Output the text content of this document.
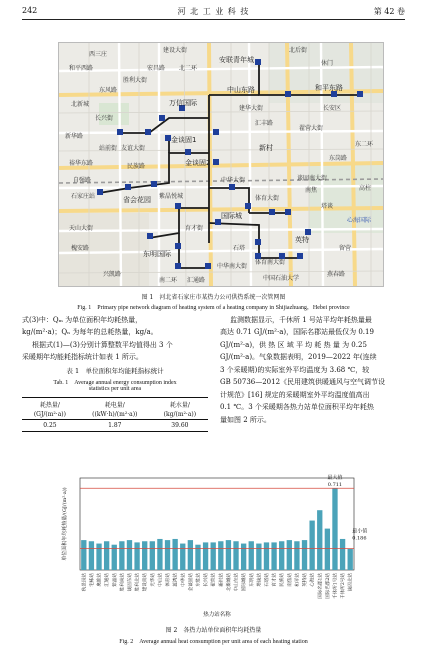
242	河 北 工 业 科 技	第 42 卷
安联青年城
中山东路	和平东路
万信国际
胜利大街
裕华东路
金谈固1
金谈固2
新村
建设大街
翟营大街
休门
谈固南大街
中华大街
国际城
体育大街
槐安路
塔谈
中华南大街
中国石油大学
长兴街
东二环
留营
紫晶悦城
育才街
省会花园
石家庄站
北新城
兴凯路
汇通路
东明国际
新华路
民族路
和平西路
天山大街
自强路
宏昌路
燕春路
英特
石塔
西三庄
东岗路
汇丰路
北后街
南焦
体育南大街
心海国际
南二环
站前街
建华大街
东风路
友谊大街
高柱
北二环
长安区
图 1　河北省石家庄市某热力公司供热系统一次管网图
Fig. 1　Primary pipe network diagram of heating system of a heating company in Shijiazhuang，Hebei province
式(3)中：Qₘ 为单位面积年均耗热量，
kg/(m²·a)；Qₙ 为每年的总耗热量，kg/a。
根据式(1)—(3)分别计算整数平均值得出 3 个
采暖期年均能耗指标统计如表 1 所示。
表 1　单位面积年均能耗指标统计
Tab. 1　Average annual energy consumption index
statistics per unit area
耗热量/	耗电量/	耗水量/
(GJ/(m²·a))	((kW·h)/(m²·a))	(kg/(m²·a))
0.25	1.87	39.60
监测数据显示，千休所 1 号站平均年耗热量最
高达 0.71 GJ/(m²·a)，国际名郡站最低仅为 0.19
GJ/(m²·a)，供 热 区 域 平 均 耗 热 量 为 0.25
GJ/(m²·a)。气象数据表明，2019—2022 年(连续
3 个采暖期)的实际室外平均温度为 3.68 ℃，较
GB 50736—2012《民用建筑供暖通风与空气调节设
计规范》[16] 规定的采暖期室外平均温度值高出
0.1 ℃。3 个采暖期各热力站单位面积平均年耗热
量如图 2 所示。
秋景园站 宅栋站 奥维站 汇通站 紫晶站 胜利南站 谈固东站 胜利北站 建设南站 光华站 中山站 体育站 蓝湾站 中华站 金谈固站 东胜站 长兴站 翟营站 新村站 北新城站 中山东站 国际城站 东明站 塔谈站 石塔站 育才站 民族站 南焦站 和平站 英特站 心海站 国际名郡1站 国际名郡2站 千休所1号站 千休所2号站 谈固北站
最大值
0.711
最小值
0.186
单位面积年均耗热量/(GJ/(m²·a))
热力站名称
图 2　各热力站单位面积年均耗热量
Fig. 2　Average annual heat consumption per unit area of each heating station
